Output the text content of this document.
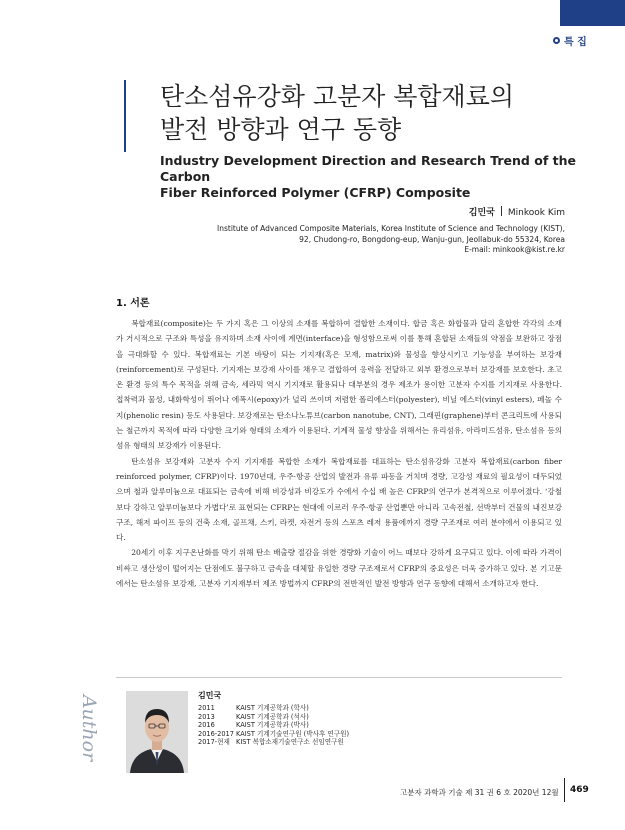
특 집
탄소섬유강화 고분자 복합재료의
발전 방향과 연구 동향
Industry Development Direction and Research Trend of the Carbon
Fiber Reinforced Polymer (CFRP) Composite
김민국 Minkook Kim
Institute of Advanced Composite Materials, Korea Institute of Science and Technology (KIST),
92, Chudong-ro, Bongdong-eup, Wanju-gun, Jeollabuk-do 55324, Korea
E-mail: minkook@kist.re.kr
1. 서론

복합재료(composite)는 두 가지 혹은 그 이상의 소재를 복합하여 결합한 소재이다. 합금 혹은 화합물과 달리 혼합한 각각의 소재가 거시적으로 구조와 특성을 유지하며 소재 사이에 계면(interface)을 형성함으로써 이를 통해 혼합된 소재들의 약점을 보완하고 장점을 극대화할 수 있다. 복합재료는 기본 바탕이 되는 기지재(혹은 모재, matrix)와 물성을 향상시키고 기능성을 부여하는 보강재(reinforcement)로 구성된다. 기지재는 보강재 사이를 채우고 결합하여 응력을 전달하고 외부 환경으로부터 보강재를 보호한다. 초고온 환경 등의 특수 목적을 위해 금속, 세라믹 역시 기지재로 활용되나 대부분의 경우 제조가 용이한 고분자 수지를 기지재로 사용한다. 접착력과 물성, 내화학성이 뛰어나 에폭시(epoxy)가 널리 쓰이며 저렴한 폴리에스터(polyester), 비닐 에스터(vinyl esters), 페놀 수지(phenolic resin) 등도 사용된다. 보강재로는 탄소나노튜브(carbon nanotube, CNT), 그래핀(graphene)부터 콘크리트에 사용되는 철근까지 목적에 따라 다양한 크기와 형태의 소재가 이용된다. 기계적 물성 향상을 위해서는 유리섬유, 아라미드섬유, 탄소섬유 등의 섬유 형태의 보강재가 이용된다.

탄소섬유 보강재와 고분자 수지 기지재를 복합한 소재가 복합재료를 대표하는 탄소섬유강화 고분자 복합재료(carbon fiber reinforced polymer, CFRP)이다. 1970년대, 우주·항공 산업의 발전과 유류 파동을 거치며 경량, 고강성 재료의 필요성이 대두되었으며 철과 알루미늄으로 대표되는 금속에 비해 비강성과 비강도가 수에서 수십 배 높은 CFRP의 연구가 본격적으로 이루어졌다. ‘강철보다 강하고 알루미늄보다 가볍다’로 표현되는 CFRP는 현대에 이르러 우주·항공 산업뿐만 아니라 고속전철, 선박부터 건물의 내진보강구조, 해저 파이프 등의 건축 소재, 골프채, 스키, 라켓, 자전거 등의 스포츠 레저 용품에까지 경량 구조재로 여러 분야에서 이용되고 있다.

20세기 이후 지구온난화를 막기 위해 탄소 배출량 절감을 위한 경량화 기술이 어느 때보다 강하게 요구되고 있다. 이에 따라 가격이 비싸고 생산성이 떨어지는 단점에도 불구하고 금속을 대체할 유일한 경량 구조재로서 CFRP의 중요성은 더욱 증가하고 있다. 본 기고문에서는 탄소섬유 보강재, 고분자 기지재부터 제조 방법까지 CFRP의 전반적인 발전 방향과 연구 동향에 대해서 소개하고자 한다.

Author	김민국
2011	KAIST 기계공학과 (학사)
2013	KAIST 기계공학과 (석사)
2016	KAIST 기계공학과 (박사)
2016-2017 KAIST 기계기술연구원 (박사후 연구원)
2017-현재 KIST 복합소재기술연구소 선임연구원
고분자 과학과 기술 제 31 권 6 호 2020년 12월 469
